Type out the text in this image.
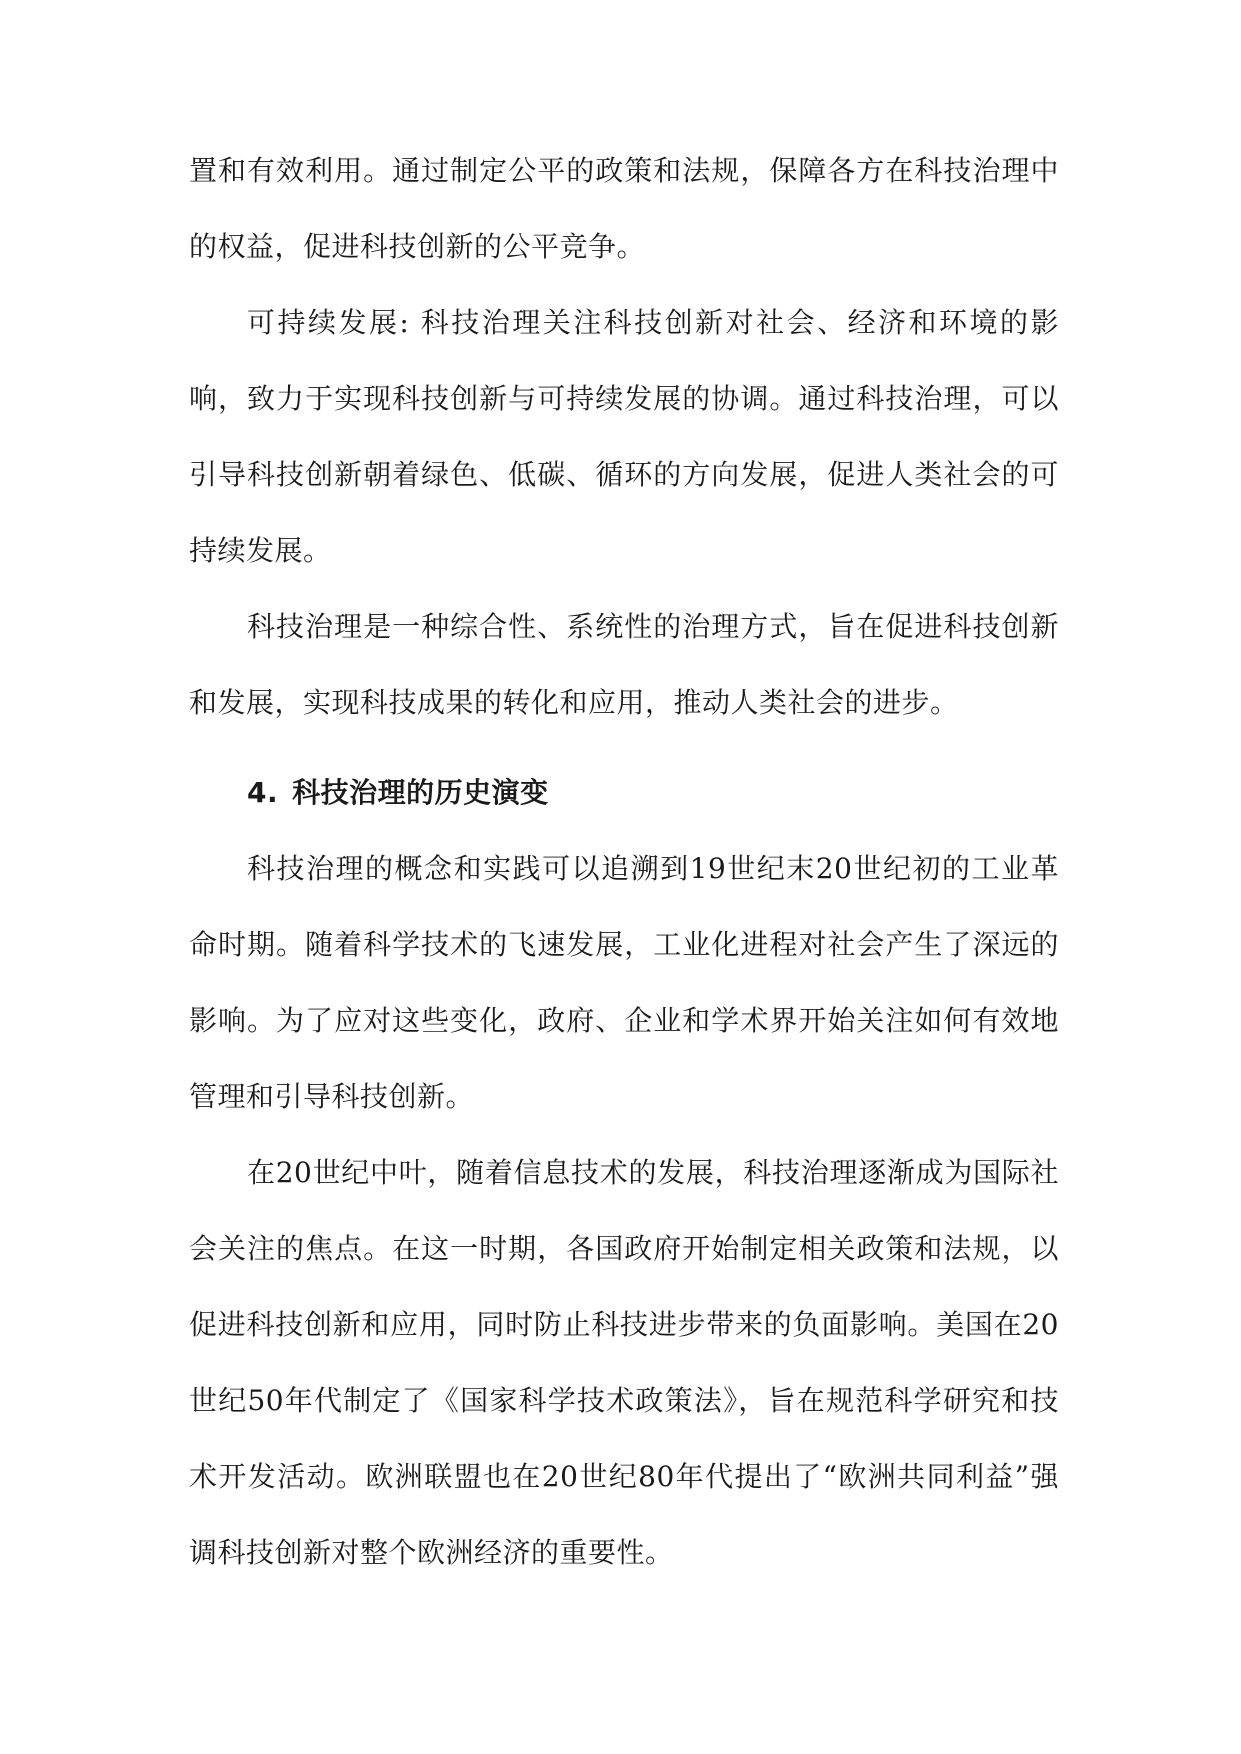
置和有效利用。通过制定公平的政策和法规，保障各方在科技治理中的权益，促进科技创新的公平竞争。

可持续发展: 科技治理关注科技创新对社会、经济和环境的影响，致力于实现科技创新与可持续发展的协调。通过科技治理，可以引导科技创新朝着绿色、低碳、循环的方向发展，促进人类社会的可持续发展。

科技治理是一种综合性、系统性的治理方式，旨在促进科技创新和发展，实现科技成果的转化和应用，推动人类社会的进步。

4. 科技治理的历史演变

科技治理的概念和实践可以追溯到19世纪末20世纪初的工业革命时期。随着科学技术的飞速发展，工业化进程对社会产生了深远的影响。为了应对这些变化，政府、企业和学术界开始关注如何有效地管理和引导科技创新。

在20世纪中叶，随着信息技术的发展，科技治理逐渐成为国际社会关注的焦点。在这一时期，各国政府开始制定相关政策和法规，以促进科技创新和应用，同时防止科技进步带来的负面影响。美国在20世纪50年代制定了《国家科学技术政策法》，旨在规范科学研究和技术开发活动。欧洲联盟也在20世纪80年代提出了“欧洲共同利益”强调科技创新对整个欧洲经济的重要性。
